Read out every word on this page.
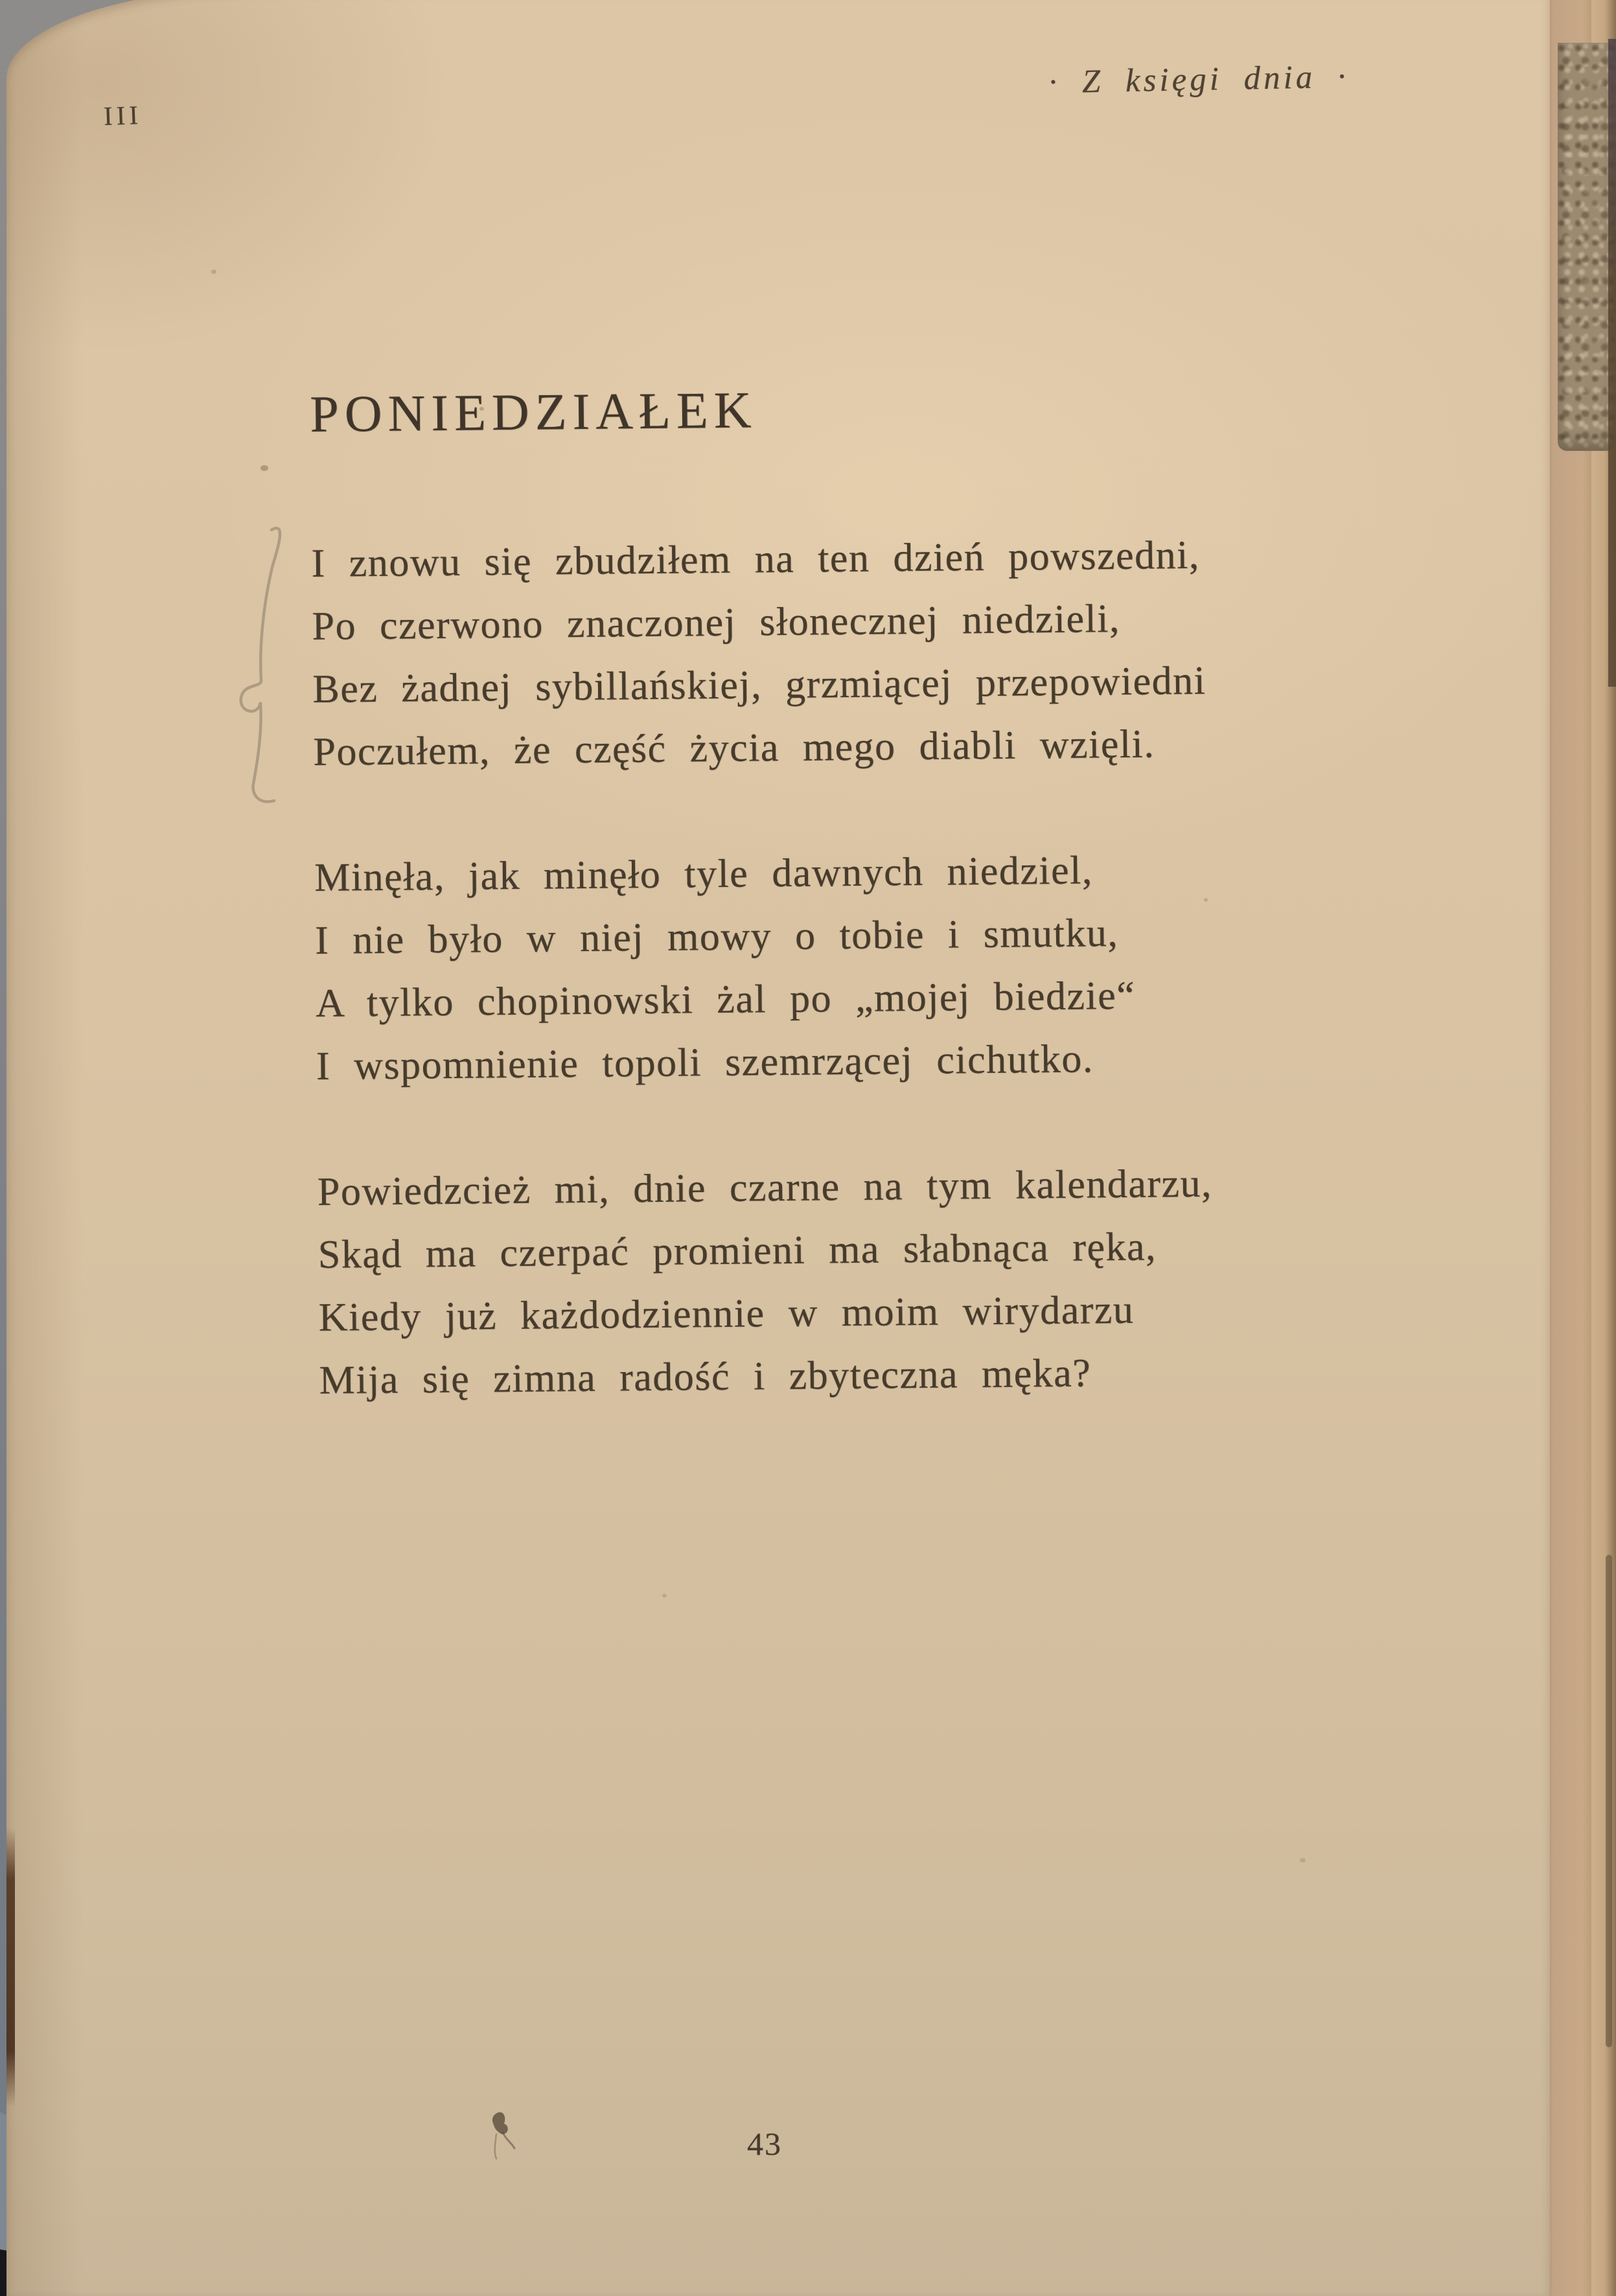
III
· Z księgi dnia ·
PONIEDZIAŁEK
I znowu się zbudziłem na ten dzień powszedni,
Po czerwono znaczonej słonecznej niedzieli,
Bez żadnej sybillańskiej, grzmiącej przepowiedni
Poczułem, że część życia mego diabli wzięli.
Minęła, jak minęło tyle dawnych niedziel,
I nie było w niej mowy o tobie i smutku,
A tylko chopinowski żal po „mojej biedzie“
I wspomnienie topoli szemrzącej cichutko.
Powiedzcież mi, dnie czarne na tym kalendarzu,
Skąd ma czerpać promieni ma słabnąca ręka,
Kiedy już każdodziennie w moim wirydarzu
Mija się zimna radość i zbyteczna męka?
43
